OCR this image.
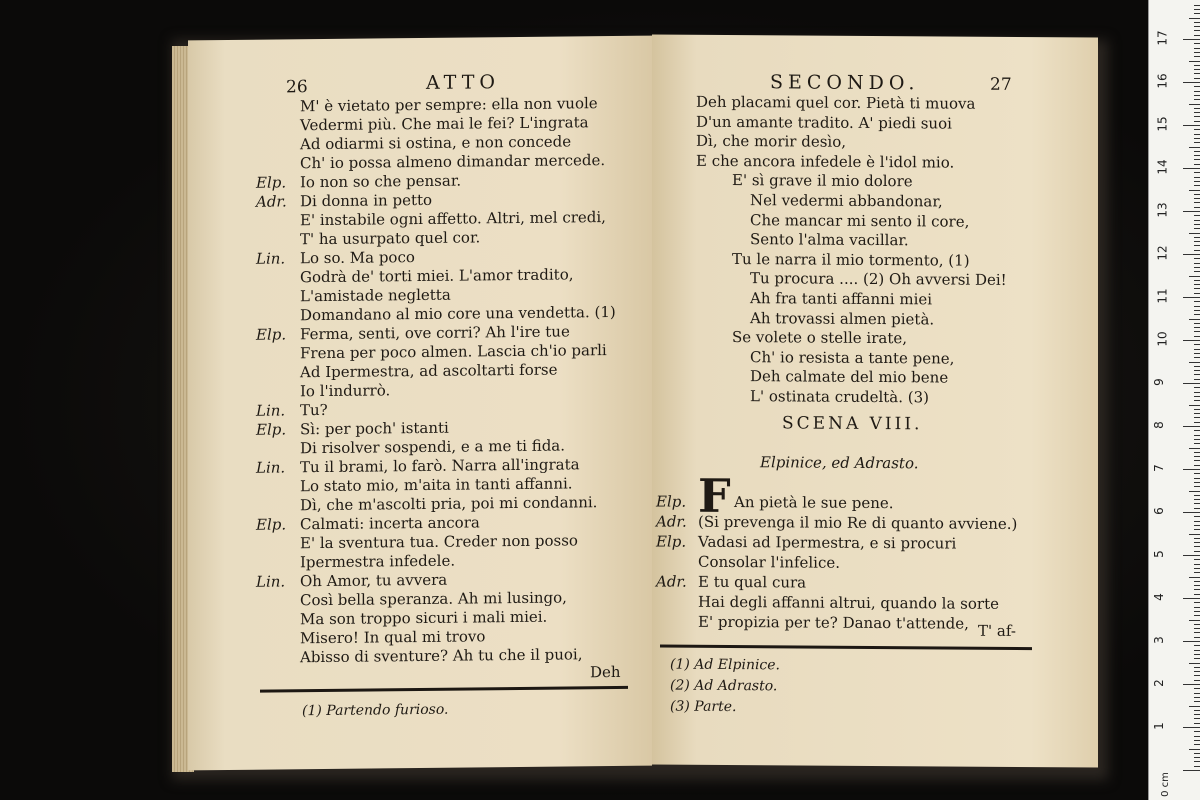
26	ATTO
M' è vietato per sempre: ella non vuole
Vedermi più. Che mai le fei? L'ingrata
Ad odiarmi si ostina, e non concede
Ch' io possa almeno dimandar mercede.
Elp. Io non so che pensar.
Adr. Di donna in petto
E' instabile ogni affetto. Altri, mel credi,
T' ha usurpato quel cor.
Lin. Lo so. Ma poco
Godrà de' torti miei. L'amor tradito,
L'amistade negletta
Domandano al mio core una vendetta. (1)
Elp. Ferma, senti, ove corri? Ah l'ire tue
Frena per poco almen. Lascia ch'io parli
Ad Ipermestra, ad ascoltarti forse
Io l'indurrò.
Lin. Tu?
Elp. Sì: per poch' istanti
Di risolver sospendi, e a me ti fida.
Lin. Tu il brami, lo farò. Narra all'ingrata
Lo stato mio, m'aita in tanti affanni.
Dì, che m'ascolti pria, poi mi condanni.
Elp. Calmati: incerta ancora
E' la sventura tua. Creder non posso
Ipermestra infedele.
Lin. Oh Amor, tu avvera
Così bella speranza. Ah mi lusingo,
Ma son troppo sicuri i mali miei.
Misero! In qual mi trovo
Abisso di sventure? Ah tu che il puoi,
Deh
(1) Partendo furioso.
SECONDO.	27
Deh placami quel cor. Pietà ti muova
D'un amante tradito. A' piedi suoi
Dì, che morir desìo,
E che ancora infedele è l'idol mio.
E' sì grave il mio dolore
Nel vedermi abbandonar,
Che mancar mi sento il core,
Sento l'alma vacillar.
Tu le narra il mio tormento, (1)
Tu procura .... (2) Oh avversi Dei!
Ah fra tanti affanni miei
Ah trovassi almen pietà.
Se volete o stelle irate,
Ch' io resista a tante pene,
Deh calmate del mio bene
L' ostinata crudeltà. (3)
SCENA VIII.
Elpinice, ed Adrasto.
Elp. F An pietà le sue pene.
Adr. (Si prevenga il mio Re di quanto avviene.)
Elp. Vadasi ad Ipermestra, e si procuri
Consolar l'infelice.
Adr. E tu qual cura
Hai degli affanni altrui, quando la sorte
E' propizia per te? Danao t'attende, T' af-
(1) Ad Elpinice.
(2) Ad Adrasto.
(3) Parte.
1
2
3
4
5
6
7
8
9
10
11
12
13
14
15
16
17
0 cm
